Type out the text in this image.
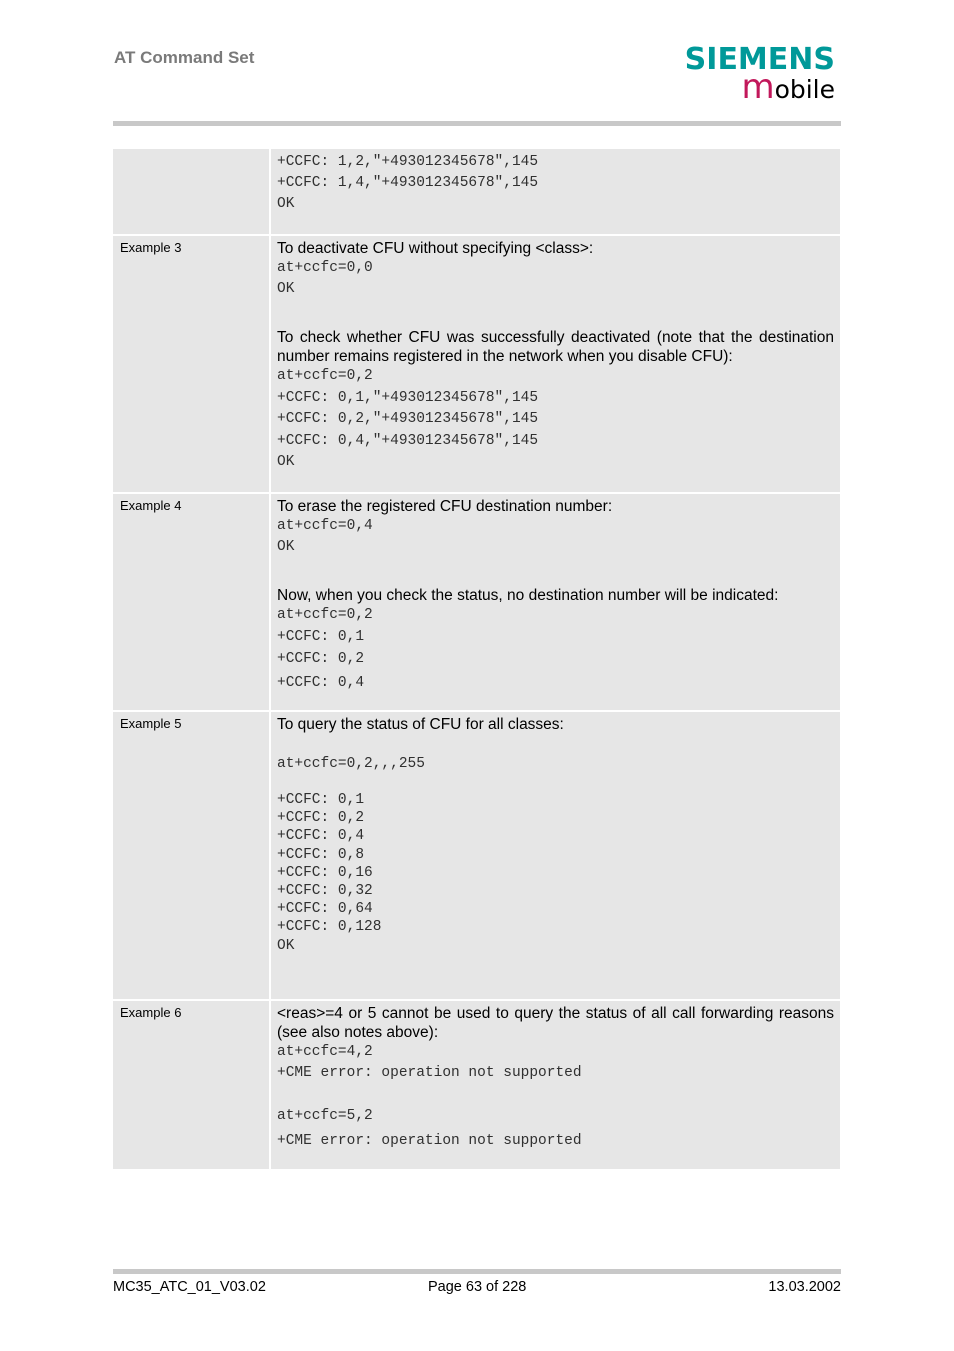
AT Command Set	SIEMENS
mobile
+CCFC: 1,2,"+493012345678",145
+CCFC: 1,4,"+493012345678",145
OK
Example 3	To deactivate CFU without specifying <class>:
at+ccfc=0,0
OK
To check whether CFU was successfully deactivated (note that the destination number remains registered in the network when you disable CFU):
at+ccfc=0,2
+CCFC: 0,1,"+493012345678",145
+CCFC: 0,2,"+493012345678",145
+CCFC: 0,4,"+493012345678",145
OK
Example 4	To erase the registered CFU destination number:
at+ccfc=0,4
OK
Now, when you check the status, no destination number will be indicated:
at+ccfc=0,2
+CCFC: 0,1
+CCFC: 0,2
+CCFC: 0,4
Example 5	To query the status of CFU for all classes:
at+ccfc=0,2,,,255
+CCFC: 0,1
+CCFC: 0,2
+CCFC: 0,4
+CCFC: 0,8
+CCFC: 0,16
+CCFC: 0,32
+CCFC: 0,64
+CCFC: 0,128
OK
Example 6	<reas>=4 or 5 cannot be used to query the status of all call forwarding reasons (see also notes above):
at+ccfc=4,2
+CME error: operation not supported
at+ccfc=5,2
+CME error: operation not supported
MC35_ATC_01_V03.02	Page 63 of 228	13.03.2002
